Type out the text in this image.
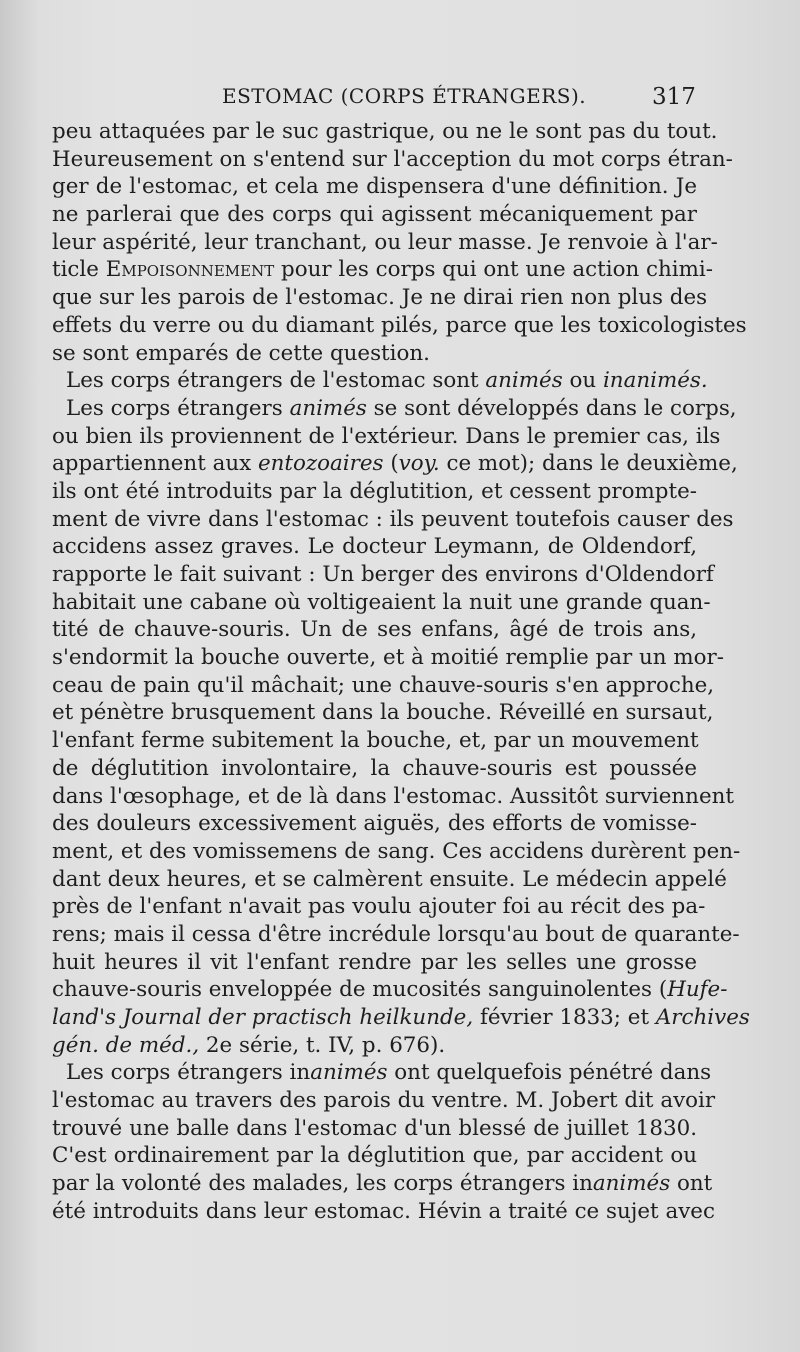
ESTOMAC (CORPS ÉTRANGERS).	317
peu attaquées par le suc gastrique, ou ne le sont pas du tout.
Heureusement on s'entend sur l'acception du mot corps étran-
ger de l'estomac, et cela me dispensera d'une définition. Je
ne parlerai que des corps qui agissent mécaniquement par
leur aspérité, leur tranchant, ou leur masse. Je renvoie à l'ar-
ticle Empoisonnement pour les corps qui ont une action chimi-
que sur les parois de l'estomac. Je ne dirai rien non plus des
effets du verre ou du diamant pilés, parce que les toxicologistes
se sont emparés de cette question.
Les corps étrangers de l'estomac sont animés ou inanimés.
Les corps étrangers animés se sont développés dans le corps,
ou bien ils proviennent de l'extérieur. Dans le premier cas, ils
appartiennent aux entozoaires (voy. ce mot); dans le deuxième,
ils ont été introduits par la déglutition, et cessent prompte-
ment de vivre dans l'estomac : ils peuvent toutefois causer des
accidens assez graves. Le docteur Leymann, de Oldendorf,
rapporte le fait suivant : Un berger des environs d'Oldendorf
habitait une cabane où voltigeaient la nuit une grande quan-
tité de chauve-souris. Un de ses enfans, âgé de trois ans,
s'endormit la bouche ouverte, et à moitié remplie par un mor-
ceau de pain qu'il mâchait; une chauve-souris s'en approche,
et pénètre brusquement dans la bouche. Réveillé en sursaut,
l'enfant ferme subitement la bouche, et, par un mouvement
de déglutition involontaire, la chauve-souris est poussée
dans l'œsophage, et de là dans l'estomac. Aussitôt surviennent
des douleurs excessivement aiguës, des efforts de vomisse-
ment, et des vomissemens de sang. Ces accidens durèrent pen-
dant deux heures, et se calmèrent ensuite. Le médecin appelé
près de l'enfant n'avait pas voulu ajouter foi au récit des pa-
rens; mais il cessa d'être incrédule lorsqu'au bout de quarante-
huit heures il vit l'enfant rendre par les selles une grosse
chauve-souris enveloppée de mucosités sanguinolentes (Hufe-
land's Journal der practisch heilkunde, février 1833; et Archives
gén. de méd., 2e série, t. IV, p. 676).
Les corps étrangers inanimés ont quelquefois pénétré dans
l'estomac au travers des parois du ventre. M. Jobert dit avoir
trouvé une balle dans l'estomac d'un blessé de juillet 1830.
C'est ordinairement par la déglutition que, par accident ou
par la volonté des malades, les corps étrangers inanimés ont
été introduits dans leur estomac. Hévin a traité ce sujet avec
